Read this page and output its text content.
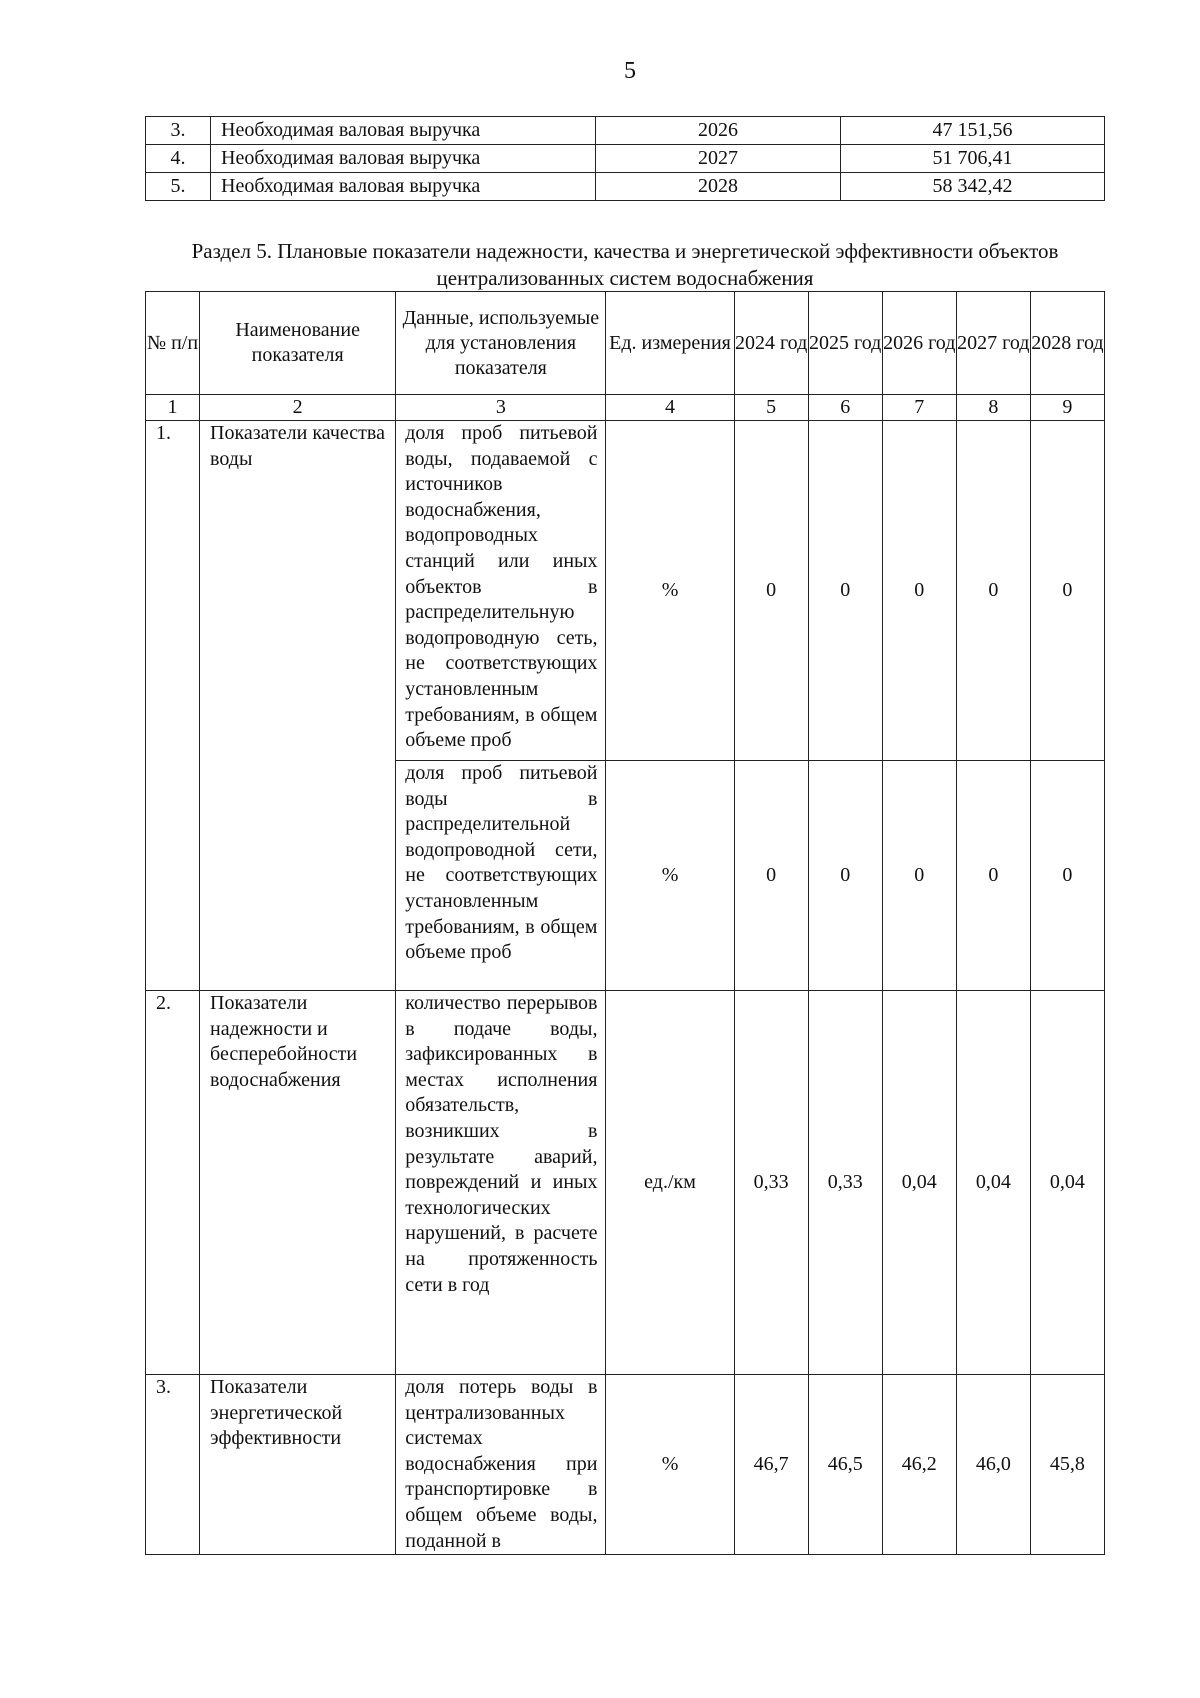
5
3.	Необходимая валовая выручка	2026	47 151,56
4.	Необходимая валовая выручка	2027	51 706,41
5.	Необходимая валовая выручка	2028	58 342,42
Раздел 5. Плановые показатели надежности, качества и энергетической эффективности объектов централизованных систем водоснабжения
№ п/п	Наименование показателя	Данные, используемые для установления показателя	Ед. измерения	2024 год	2025 год	2026 год	2027 год	2028 год
1	2	3	4	5	6	7	8	9
1.	Показатели качества воды	доля проб питьевой воды, подаваемой с источников водоснабжения, водопроводных станций или иных объектов в распределительную водопроводную сеть, не соответствующих установленным требованиям, в общем объеме проб	%	0	0	0	0	0
		доля проб питьевой воды в распределительной водопроводной сети, не соответствующих установленным требованиям, в общем объеме проб	%	0	0	0	0	0
2.	Показатели надежности и бесперебойности водоснабжения	количество перерывов в подаче воды, зафиксированных в местах исполнения обязательств, возникших в результате аварий, повреждений и иных технологических нарушений, в расчете на протяженность сети в год	ед./км	0,33	0,33	0,04	0,04	0,04
3.	Показатели энергетической эффективности	доля потерь воды в централизованных системах водоснабжения при транспортировке в общем объеме воды, поданной в	%	46,7	46,5	46,2	46,0	45,8
